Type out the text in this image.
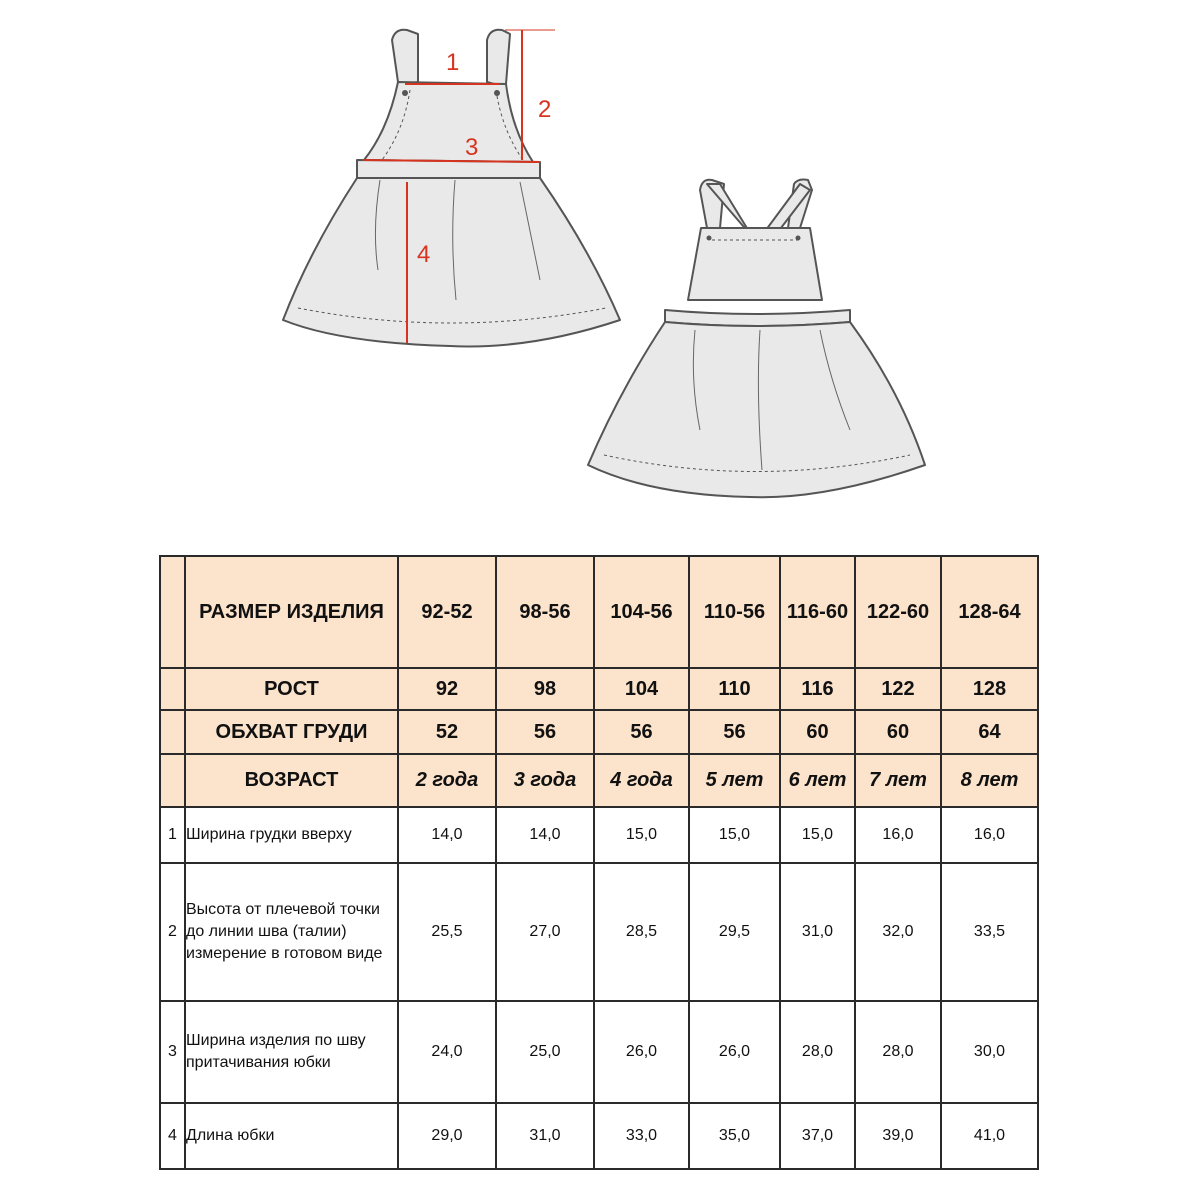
1
2
3
4
	РАЗМЕР ИЗДЕЛИЯ	92-52	98-56	104-56	110-56	116-60	122-60	128-64
	РОСТ	92	98	104	110	116	122	128
	ОБХВАТ ГРУДИ	52	56	56	56	60	60	64
	ВОЗРАСТ	2 года	3 года	4 года	5 лет	6 лет	7 лет	8 лет
1	Ширина грудки вверху	14,0	14,0	15,0	15,0	15,0	16,0	16,0
2	Высота от плечевой точки до линии шва (талии) измерение в готовом виде	25,5	27,0	28,5	29,5	31,0	32,0	33,5
3	Ширина изделия по шву притачивания юбки	24,0	25,0	26,0	26,0	28,0	28,0	30,0
4	Длина юбки	29,0	31,0	33,0	35,0	37,0	39,0	41,0
